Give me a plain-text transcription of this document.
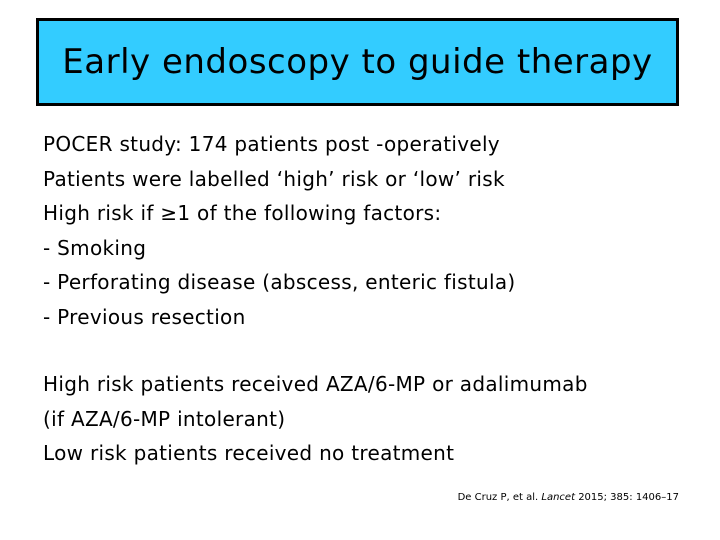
Early endoscopy to guide therapy
POCER study: 174 patients post -operatively
Patients were labelled ‘high’ risk or ‘low’ risk
High risk if ≥1 of the following factors:
- Smoking
- Perforating disease (abscess, enteric fistula)
- Previous resection
High risk patients received AZA/6-MP or adalimumab
(if AZA/6-MP intolerant)
Low risk patients received no treatment
De Cruz P, et al. Lancet 2015; 385: 1406–17
